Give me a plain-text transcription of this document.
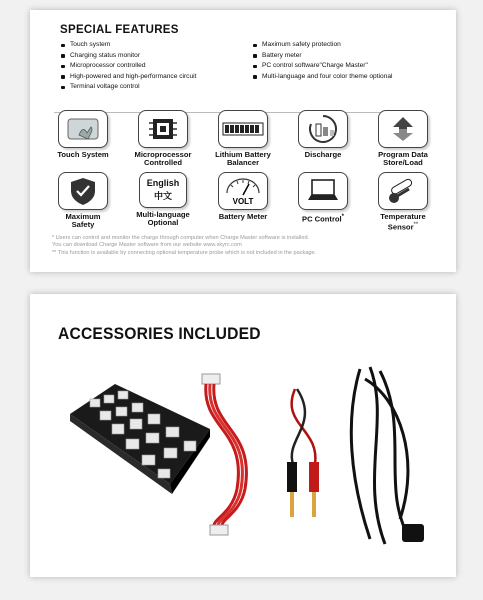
SPECIAL FEATURES
Touch system
Charging status monitor
Microprocessor controlled
High-powered and high-performance circuit
Terminal voltage control
Maximum safety protection
Battery meter
PC control software"Charge Master"
Multi-language and four color theme optional
Touch System	Microprocessor
Controlled
Lithium Battery
Balancer
Discharge	Program Data
Store/Load
Maximum
Safety
English
中文
Multi-language
Optional
VOLT
Battery Meter	PC Control*	Temperature
Sensor**
* Users can control and monitor the charge through computer when Charge Master software is installed.
You can download Charge Master software from our website www.skyrc.com
** This function is available by connecting optional temperature probe which is not included in the package.
ACCESSORIES INCLUDED
